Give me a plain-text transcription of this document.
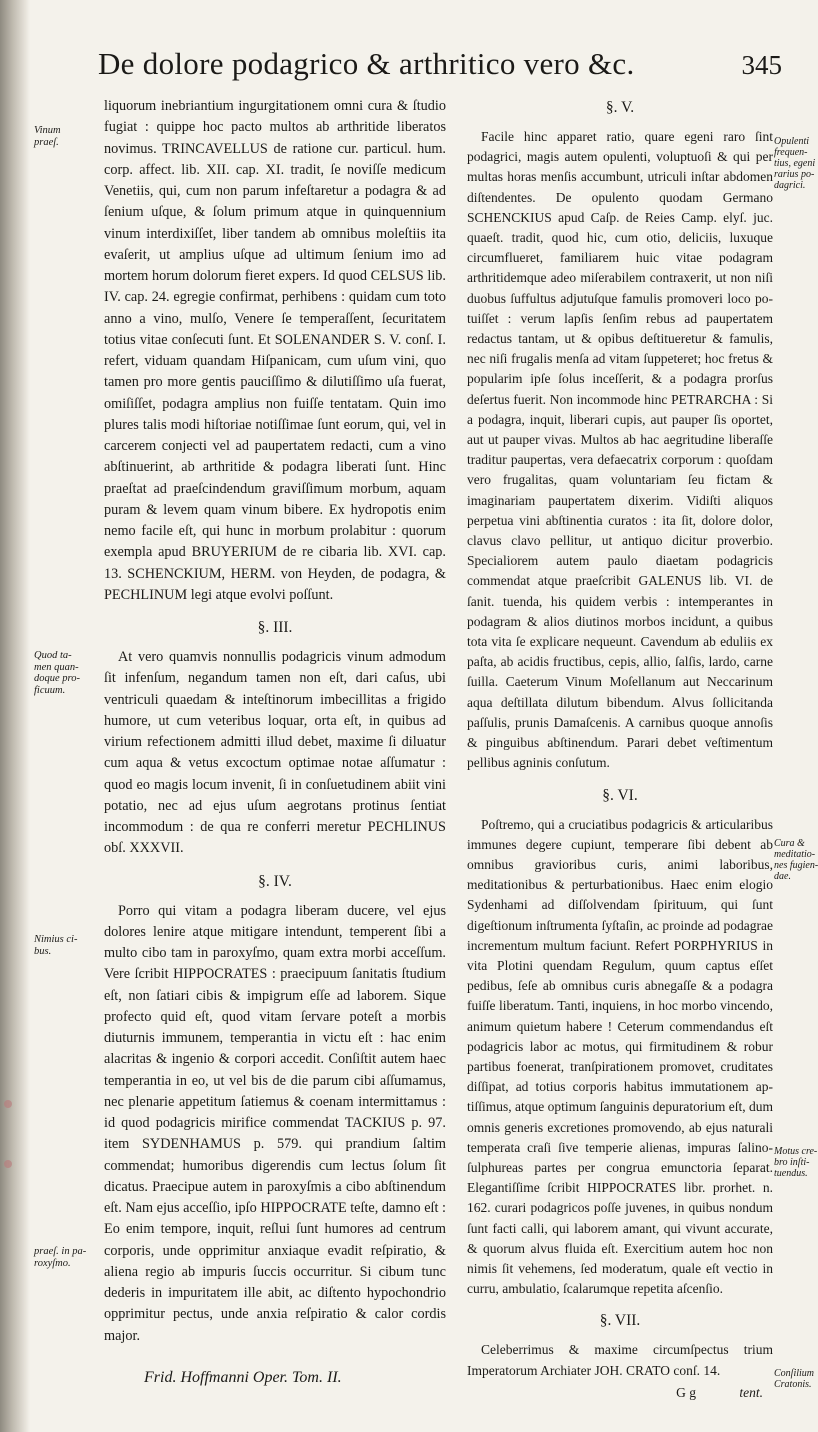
De dolore podagrico & arthritico vero &c.	345
Vinum
praeſ.
Quod ta-
men quan-
doque pro-
ficuum.
Nimius ci-
bus.
praeſ. in pa-
roxyſmo.
Opulenti
frequen-
tius, egeni
rarius po-
dagrici.
Cura &
meditatio-
nes fugien-
dae.
Motus cre-
bro inſti-
tuendus.
Conſilium
Cratonis.

liquorum inebriantium ingurgitationem omni cura & ſtudio fugiat : quippe hoc pacto multos ab arthritide liberatos novimus. TRINCAVELLUS de ratione cur. particul. hum. corp. affect. lib. XII. cap. XI. tradit, ſe noviſſe medicum Venetiis, qui, cum non parum infeſtaretur a podagra & ad ſenium uſque, & ſolum primum atque in quinquennium vinum interdixiſſet, liber tandem ab omnibus moleſtiis ita evaſerit, ut amplius uſque ad ultimum ſenium imo ad mortem horum dolorum fieret expers. Id quod CELSUS lib. IV. cap. 24. egregie confirmat, perhibens : quidam cum toto anno a vino, mulſo, Venere ſe temperaſſent, ſecuritatem totius vitae conſecuti ſunt. Et SOLENANDER S. V. conſ. I. refert, viduam quandam Hiſpanicam, cum uſum vini, quo tamen pro more gentis pauciſſimo & dilutiſſimo uſa fuerat, omiſiſſet, podagra amplius non fuiſſe tentatam. Quin imo plures talis modi hiſtoriae notiſſimae ſunt eorum, qui, vel in carcerem conjecti vel ad paupertatem redacti, cum a vino abſtinuerint, ab arthritide & podagra liberati ſunt. Hinc praeſtat ad praeſcindendum graviſſimum morbum, aquam puram & levem quam vinum bibere. Ex hydropotis enim nemo facile eſt, qui hunc in morbum prolabitur : quorum exempla apud BRUYERIUM de re cibaria lib. XVI. cap. 13. SCHENCKIUM, HERM. von Heyden, de podagra, & PECHLINUM legi atque evolvi poſſunt.

§. III.

At vero quamvis nonnullis podagricis vinum admodum ſit infenſum, negandum tamen non eſt, dari caſus, ubi ventriculi quaedam & inteſtinorum imbecillitas a frigido humore, ut cum veteribus loquar, orta eſt, in quibus ad virium refectionem admitti illud debet, maxime ſi diluatur cum aqua & vetus excoctum optimae notae aſſumatur : quod eo magis locum invenit, ſi in conſuetudinem abiit vini potatio, nec ad ejus uſum aegrotans protinus ſentiat incommodum : de qua re conferri meretur PECHLINUS obſ. XXXVII.

§. IV.

Porro qui vitam a podagra liberam ducere, vel ejus dolores lenire atque mitigare intendunt, temperent ſibi a multo cibo tam in paroxyſmo, quam extra morbi acceſſum. Vere ſcribit HIPPOCRATES : praecipuum ſanitatis ſtudium eſt, non ſatiari cibis & impigrum eſſe ad laborem. Sique profecto quid eſt, quod vitam ſervare poteſt a morbis diuturnis immunem, temperantia in victu eſt : hac enim alacritas & ingenio & corpori accedit. Conſiſtit autem haec temperantia in eo, ut vel bis de die parum cibi aſſumamus, nec plenarie appetitum ſatiemus & coenam intermittamus : id quod podagricis mirifice commendat TACKIUS p. 97. item SYDENHAMUS p. 579. qui prandium ſaltim commendat; humoribus digerendis cum lectus ſolum ſit dicatus. Praecipue autem in paroxyſmis a cibo abſtinendum eſt. Nam ejus acceſſio, ipſo HIPPOCRATE teſte, damno eſt : Eo enim tempore, inquit, reſlui ſunt humores ad centrum corporis, unde opprimitur anxiaque evadit reſpiratio, & aliena regio ab impuris ſuccis occurritur. Si cibum tunc dederis in impuritatem ille abit, ac diſtento hypochondrio opprimitur pectus, unde anxia reſpiratio & calor cordis major.

Frid. Hoffmanni Oper. Tom. II.
§. V.

Facile hinc apparet ratio, quare egeni raro ſint podagrici, magis autem opulenti, voluptuoſi & qui per multas horas menſis accumbunt, utriculi inſtar abdomen diſtendentes. De opulento quodam Germano SCHENCKIUS apud Caſp. de Reies Camp. elyſ. juc. quaeſt. tradit, quod hic, cum otio, deliciis, luxuque circumflueret, familiarem huic vitae podagram arthritidemque adeo miſerabilem contraxerit, ut non niſi duobus ſuffultus adjutuſque famulis promoveri loco potuiſſet : verum lapſis ſenſim rebus ad paupertatem redactus tantam, ut & opibus deſtitueretur & famulis, nec niſi frugalis menſa ad vitam ſuppeteret; hoc fretus & popularim ipſe ſolus inceſſerit, & a podagra prorſus deſertus fuerit. Non incommode hinc PETRARCHA : Si a podagra, inquit, liberari cupis, aut pauper ſis oportet, aut ut pauper vivas. Multos ab hac aegritudine liberaſſe traditur paupertas, vera defaecatrix corporum : quoſdam vero frugalitas, quam voluntariam ſeu fictam & imaginariam paupertatem dixerim. Vidiſti aliquos perpetua vini abſtinentia curatos : ita ſit, dolore dolor, clavus clavo pellitur, ut antiquo dicitur proverbio. Specialiorem autem paulo diaetam podagricis commendat atque praeſcribit GALENUS lib. VI. de ſanit. tuenda, his quidem verbis : intemperantes in podagram & alios diutinos morbos incidunt, a quibus tota vita ſe explicare nequeunt. Cavendum ab eduliis ex paſta, ab acidis fructibus, cepis, allio, ſalſis, lardo, carne ſuilla. Caeterum Vinum Moſellanum aut Neccarinum aqua deſtillata dilutum bibendum. Alvus ſollicitanda paſſulis, prunis Damaſcenis. A carnibus quoque annoſis & pinguibus abſtinendum. Parari debet veſtimentum pellibus agninis conſutum.

§. VI.

Poſtremo, qui a cruciatibus podagricis & articularibus immunes degere cupiunt, temperare ſibi debent ab omnibus gravioribus curis, animi laboribus, meditationibus & perturbationibus. Haec enim elogio Sydenhami ad diſſolvendam ſpirituum, qui ſunt digeſtionum inſtrumenta ſyſtaſin, ac proinde ad podagrae incrementum multum faciunt. Refert PORPHYRIUS in vita Plotini quendam Regulum, quum captus eſſet pedibus, ſeſe ab omnibus curis abnegaſſe & a podagra fuiſſe liberatum. Tanti, inquiens, in hoc morbo vincendo, animum quietum habere ! Ceterum commendandus eſt podagricis labor ac motus, qui firmitudinem & robur partibus foenerat, tranſpirationem promovet, cruditates diſſipat, ad totius corporis habitus immutationem aptiſſimus, atque optimum ſanguinis depuratorium eſt, dum omnis generis excretiones promovendo, ab ejus naturali temperata craſi ſive temperie alienas, impuras ſalino-ſulphureas partes per congrua emunctoria ſeparat. Elegantiſſime ſcribit HIPPOCRATES libr. prorhet. n. 162. curari podagricos poſſe juvenes, in quibus nondum ſunt facti calli, qui laborem amant, qui vivunt accurate, & quorum alvus fluida eſt. Exercitium autem hoc non nimis ſit vehemens, ſed moderatum, quale eſt vectio in curru, ambulatio, ſcalarumque repetita aſcenſio.

§. VII.

Celeberrimus & maxime circumſpectus trium Imperatorum Archiater JOH. CRATO conſ. 14.

G g	tent.
